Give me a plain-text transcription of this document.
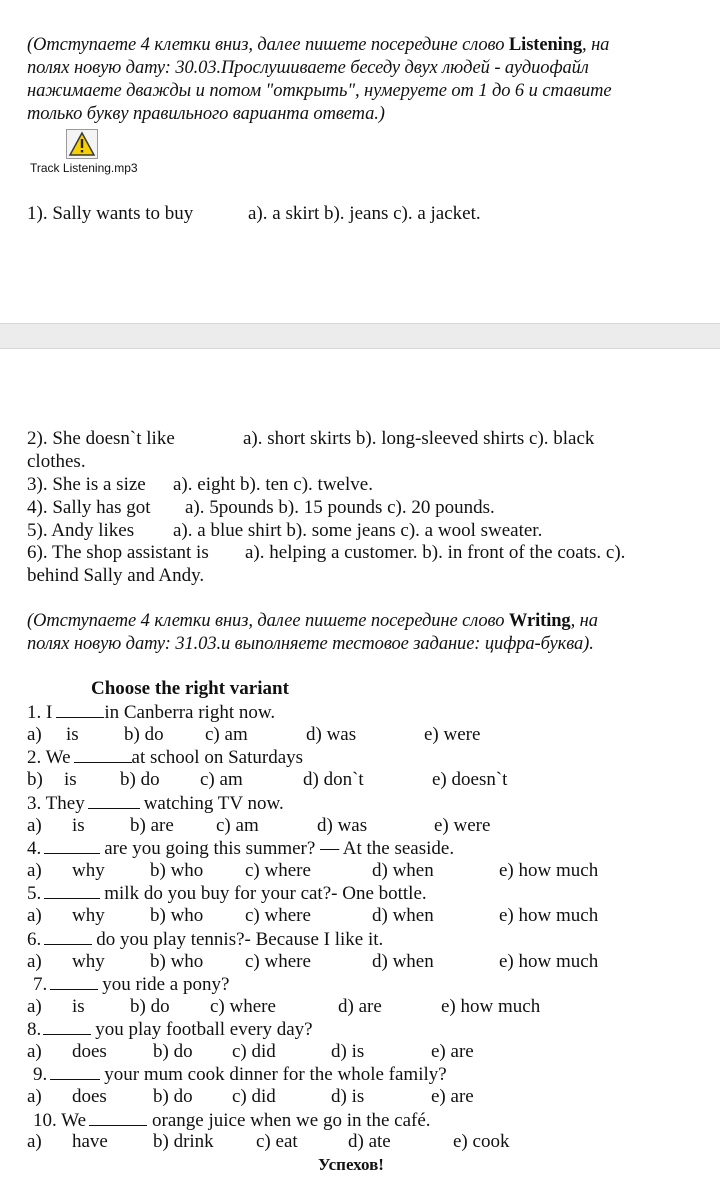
(Отступаете 4 клетки вниз, далее пишете посередине слово Listening, на
полях новую дату: 30.03.Прослушиваете беседу двух людей - аудиофайл
нажимаете дважды и потом "открыть", нумеруете от 1 до 6 и ставите
только букву правильного варианта ответа.)
Track Listening.mp3
1). Sally wants to buy	a). a skirt b). jeans c). a jacket.
2). She doesn`t like	a). short skirts b). long-sleeved shirts c). black
clothes.
3). She is a size a). eight b). ten c). twelve.
4). Sally has got a). 5pounds b). 15 pounds c). 20 pounds.
5). Andy likes a). a blue shirt b). some jeans c). a wool sweater.
6). The shop assistant is a). helping a customer. b). in front of the coats. c).
behind Sally and Andy.
(Отступаете 4 клетки вниз, далее пишете посередине слово Writing, на
полях новую дату: 31.03.и выполняете тестовое задание: цифра-буква).
Choose the right variant
1. I	in Canberra right now.
a) is b) do c) am	d) was	e) were
2. We	at school on Saturdays
b) is b) do c) am	d) don`t	e) doesn`t
3. They	watching TV now.
a) is b) are c) am	d) was	e) were
4.	are you going this summer? — At the seaside.
a) why b) who c) where	d) when	e) how much
5.	milk do you buy for your cat?- One bottle.
a) why b) who c) where	d) when	e) how much
6.	do you play tennis?- Because I like it.
a) why b) who c) where	d) when	e) how much
7.	you ride a pony?
a) is b) do c) where	d) are	e) how much
8.	you play football every day?
a) does b) do c) did	d) is	e) are
9.	your mum cook dinner for the whole family?
a) does b) do c) did	d) is	e) are
10. We	orange juice when we go in the café.
a) have b) drink c) eat	d) ate	e) cook
Успехов!
